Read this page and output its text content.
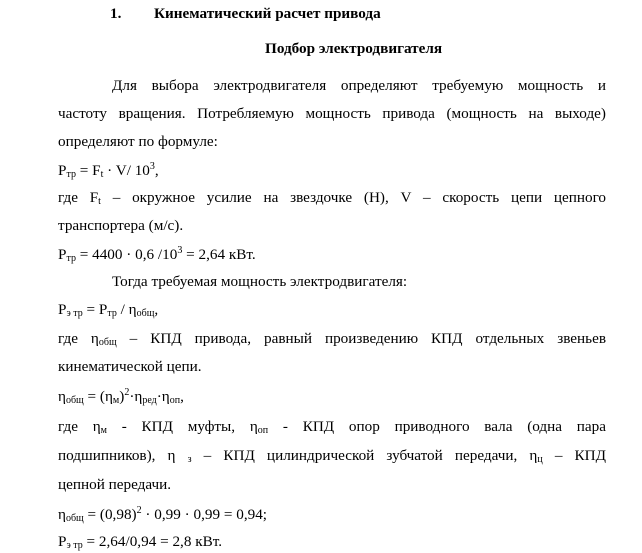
1. Кинематический расчет привода
Подбор электродвигателя
Для выбора электродвигателя определяют требуемую мощность и
частоту вращения. Потребляемую мощность привода (мощность на выходе)
определяют по формуле:
$P_{тр} = F_t \cdot V/$ $10^3$,
где $F_t$ – окружное усилие на звездочке (Н), V – скорость цепи цепного
транспортера (м/с).
$P_{тр} = 4400 \cdot 0,6$ $/10^3 = 2,64$ кВт.
Тогда требуемая мощность электродвигателя:
$P_{э тр} = P_{тр} / \eta_{общ}$,
где $\eta_{общ}$ – КПД привода, равный произведению КПД отдельных звеньев
кинематической цепи.
$\eta_{общ} = (\eta_м)^2\cdot\eta_{ред}\cdot\eta_{оп}$,
где $\eta_м$ - КПД муфты, $\eta_{оп}$ - КПД опор приводного вала (одна пара
подшипников), η $_з$ – КПД цилиндрической зубчатой передачи, $\eta_ц$ – КПД
цепной передачи.
$\eta_{общ} = (0,98)^2 \cdot 0,99 \cdot 0,99 = 0,94$;
$P_{э тр} = 2,64/0,94 = 2,8$ кВт.
